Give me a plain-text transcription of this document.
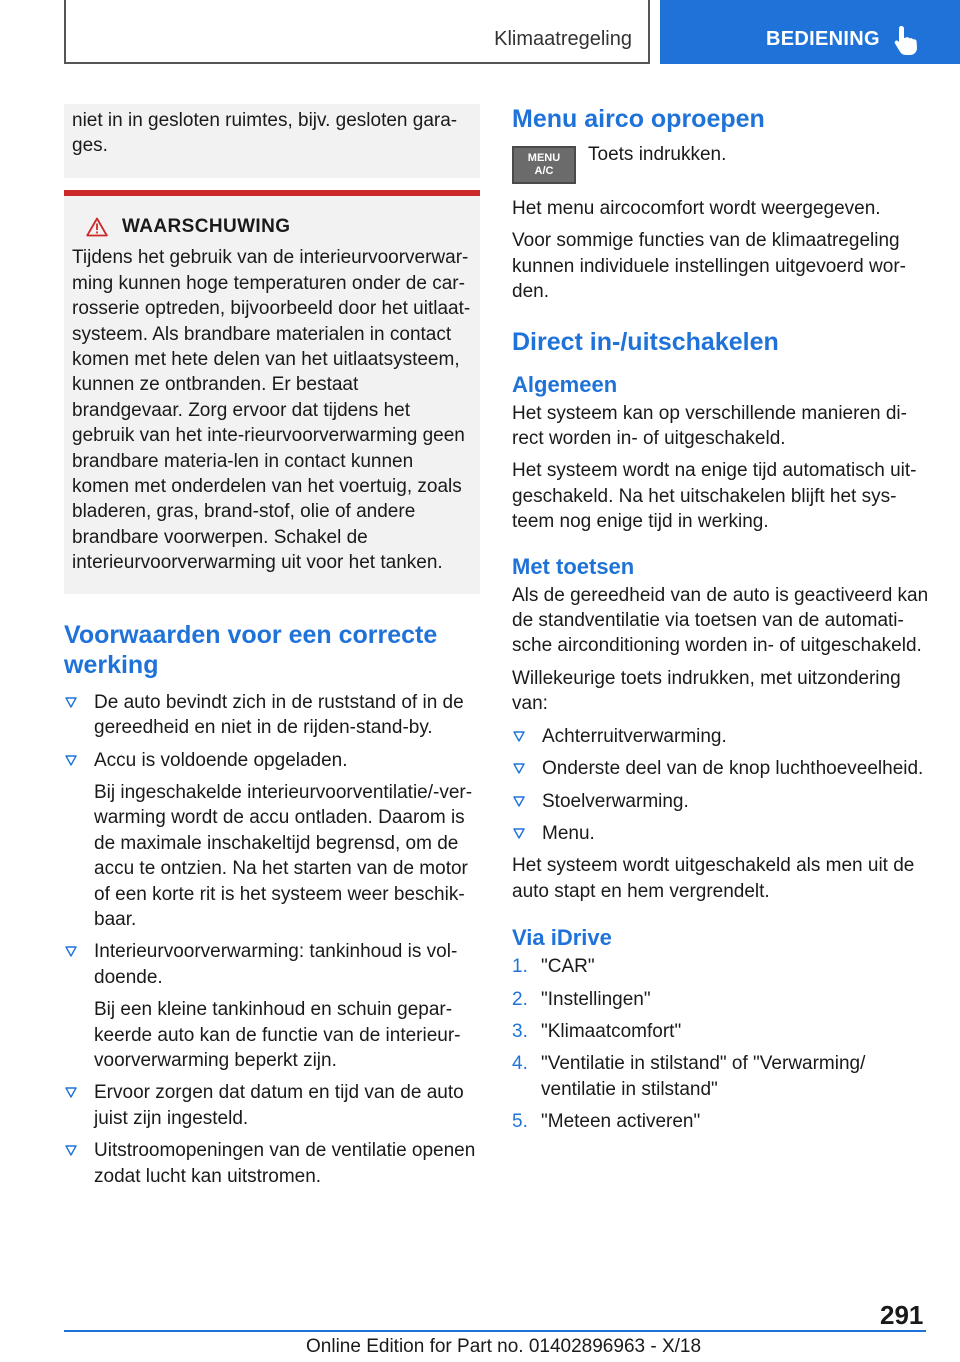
Klimaatregeling	BEDIENING

niet in in gesloten ruimtes, bijv. gesloten gara-
ges.

WAARSCHUWING

Tijdens het gebruik van de interieurvoorverwar-ming kunnen hoge temperaturen onder de car-rosserie optreden, bijvoorbeeld door het uitlaat-systeem. Als brandbare materialen in contact komen met hete delen van het uitlaatsysteem, kunnen ze ontbranden. Er bestaat brandgevaar. Zorg ervoor dat tijdens het gebruik van het inte-rieurvoorverwarming geen brandbare materia-len in contact kunnen komen met onderdelen van het voertuig, zoals bladeren, gras, brand-stof, olie of andere brandbare voorwerpen. Schakel de interieurvoorverwarming uit voor het tanken.

Voorwaarden voor een correcte werking

De auto bevindt zich in de ruststand of in de gereedheid en niet in de rijden-stand-by.

Accu is voldoende opgeladen.

Bij ingeschakelde interieurvoorventilatie/-ver-warming wordt de accu ontladen. Daarom is de maximale inschakeltijd begrensd, om de accu te ontzien. Na het starten van de motor of een korte rit is het systeem weer beschik-baar.

Interieurvoorverwarming: tankinhoud is vol-doende.

Bij een kleine tankinhoud en schuin gepar-keerde auto kan de functie van de interieur-voorverwarming beperkt zijn.

Ervoor zorgen dat datum en tijd van de auto juist zijn ingesteld.

Uitstroomopeningen van de ventilatie openen zodat lucht kan uitstromen.

Menu airco oproepen
MENU
A/C

Toets indrukken.

Het menu aircocomfort wordt weergegeven.

Voor sommige functies van de klimaatregeling kunnen individuele instellingen uitgevoerd wor-den.

Direct in-/uitschakelen
Algemeen

Het systeem kan op verschillende manieren di-rect worden in- of uitgeschakeld.

Het systeem wordt na enige tijd automatisch uit-geschakeld. Na het uitschakelen blijft het sys-teem nog enige tijd in werking.

Met toetsen

Als de gereedheid van de auto is geactiveerd kan de standventilatie via toetsen van de automati-sche airconditioning worden in- of uitgeschakeld.

Willekeurige toets indrukken, met uitzondering van:

Achterruitverwarming.

Onderste deel van de knop luchthoeveelheid.

Stoelverwarming.

Menu.

Het systeem wordt uitgeschakeld als men uit de auto stapt en hem vergrendelt.

Via iDrive
1. "CAR"

2. "Instellingen"

3. "Klimaatcomfort"

4. "Ventilatie in stilstand" of "Verwarming/ ventilatie in stilstand"

5. "Meteen activeren"

291
Online Edition for Part no. 01402896963 - X/18
